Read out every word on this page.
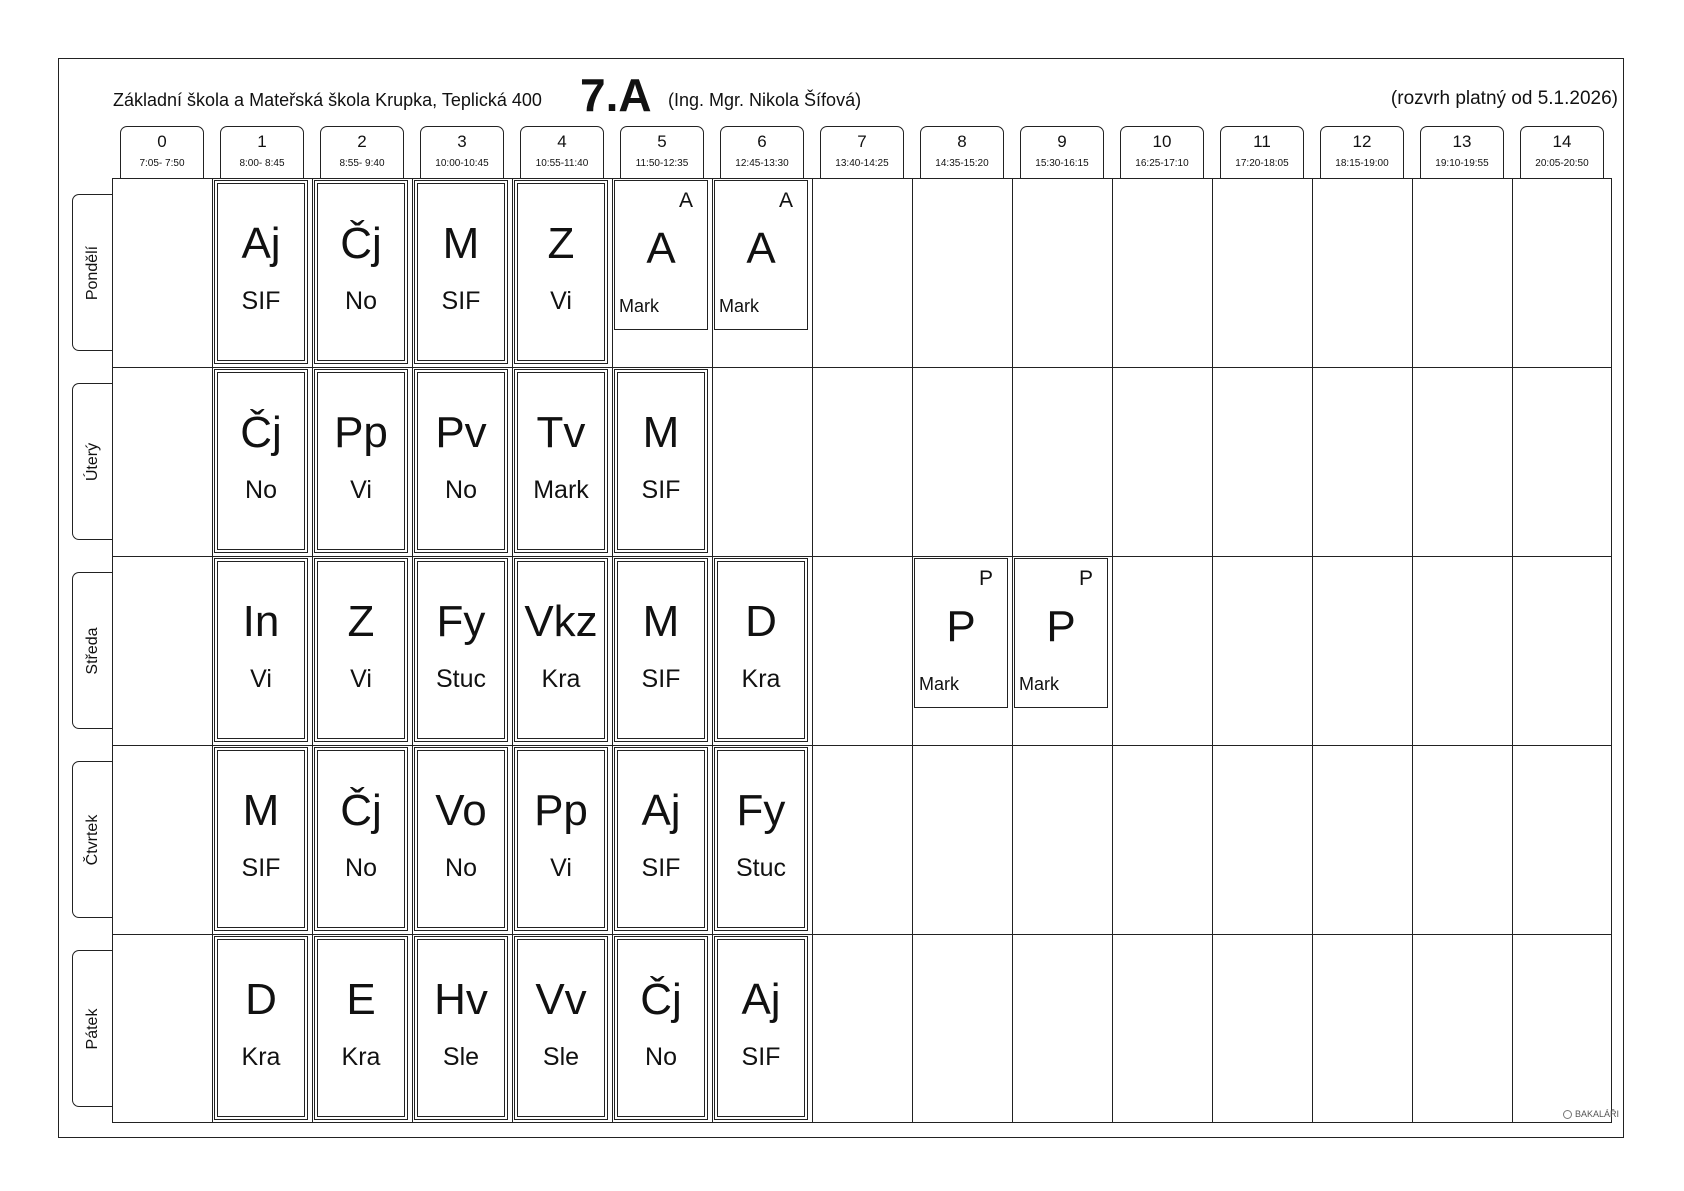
Základní škola a Mateřská škola Krupka, Teplická 400 7.A (Ing. Mgr. Nikola Šífová)	(rozvrh platný od 5.1.2026)
0
7:05- 7:50
1
8:00- 8:45
2
8:55- 9:40
3
10:00-10:45
4
10:55-11:40
5
11:50-12:35
6
12:45-13:30
7
13:40-14:25
8
14:35-15:20
9
15:30-16:15
10
16:25-17:10
11
17:20-18:05
12
18:15-19:00
13
19:10-19:55
14
20:05-20:50
Pondělí
Úterý
Středa
Čtvrtek
Pátek
Aj
SIF
Čj
No
M
SIF
Z
Vi
A
A
Mark
A
A
Mark
Čj
No
Pp
Vi
Pv
No
Tv
Mark
M
SIF
In
Vi
Z
Vi
Fy
Stuc
Vkz
Kra
M
SIF
D
Kra
P
P
Mark
P
P
Mark
M
SIF
Čj
No
Vo
No
Pp
Vi
Aj
SIF
Fy
Stuc
D
Kra
E
Kra
Hv
Sle
Vv
Sle
Čj
No
Aj
SIF
BAKALÁŘI
